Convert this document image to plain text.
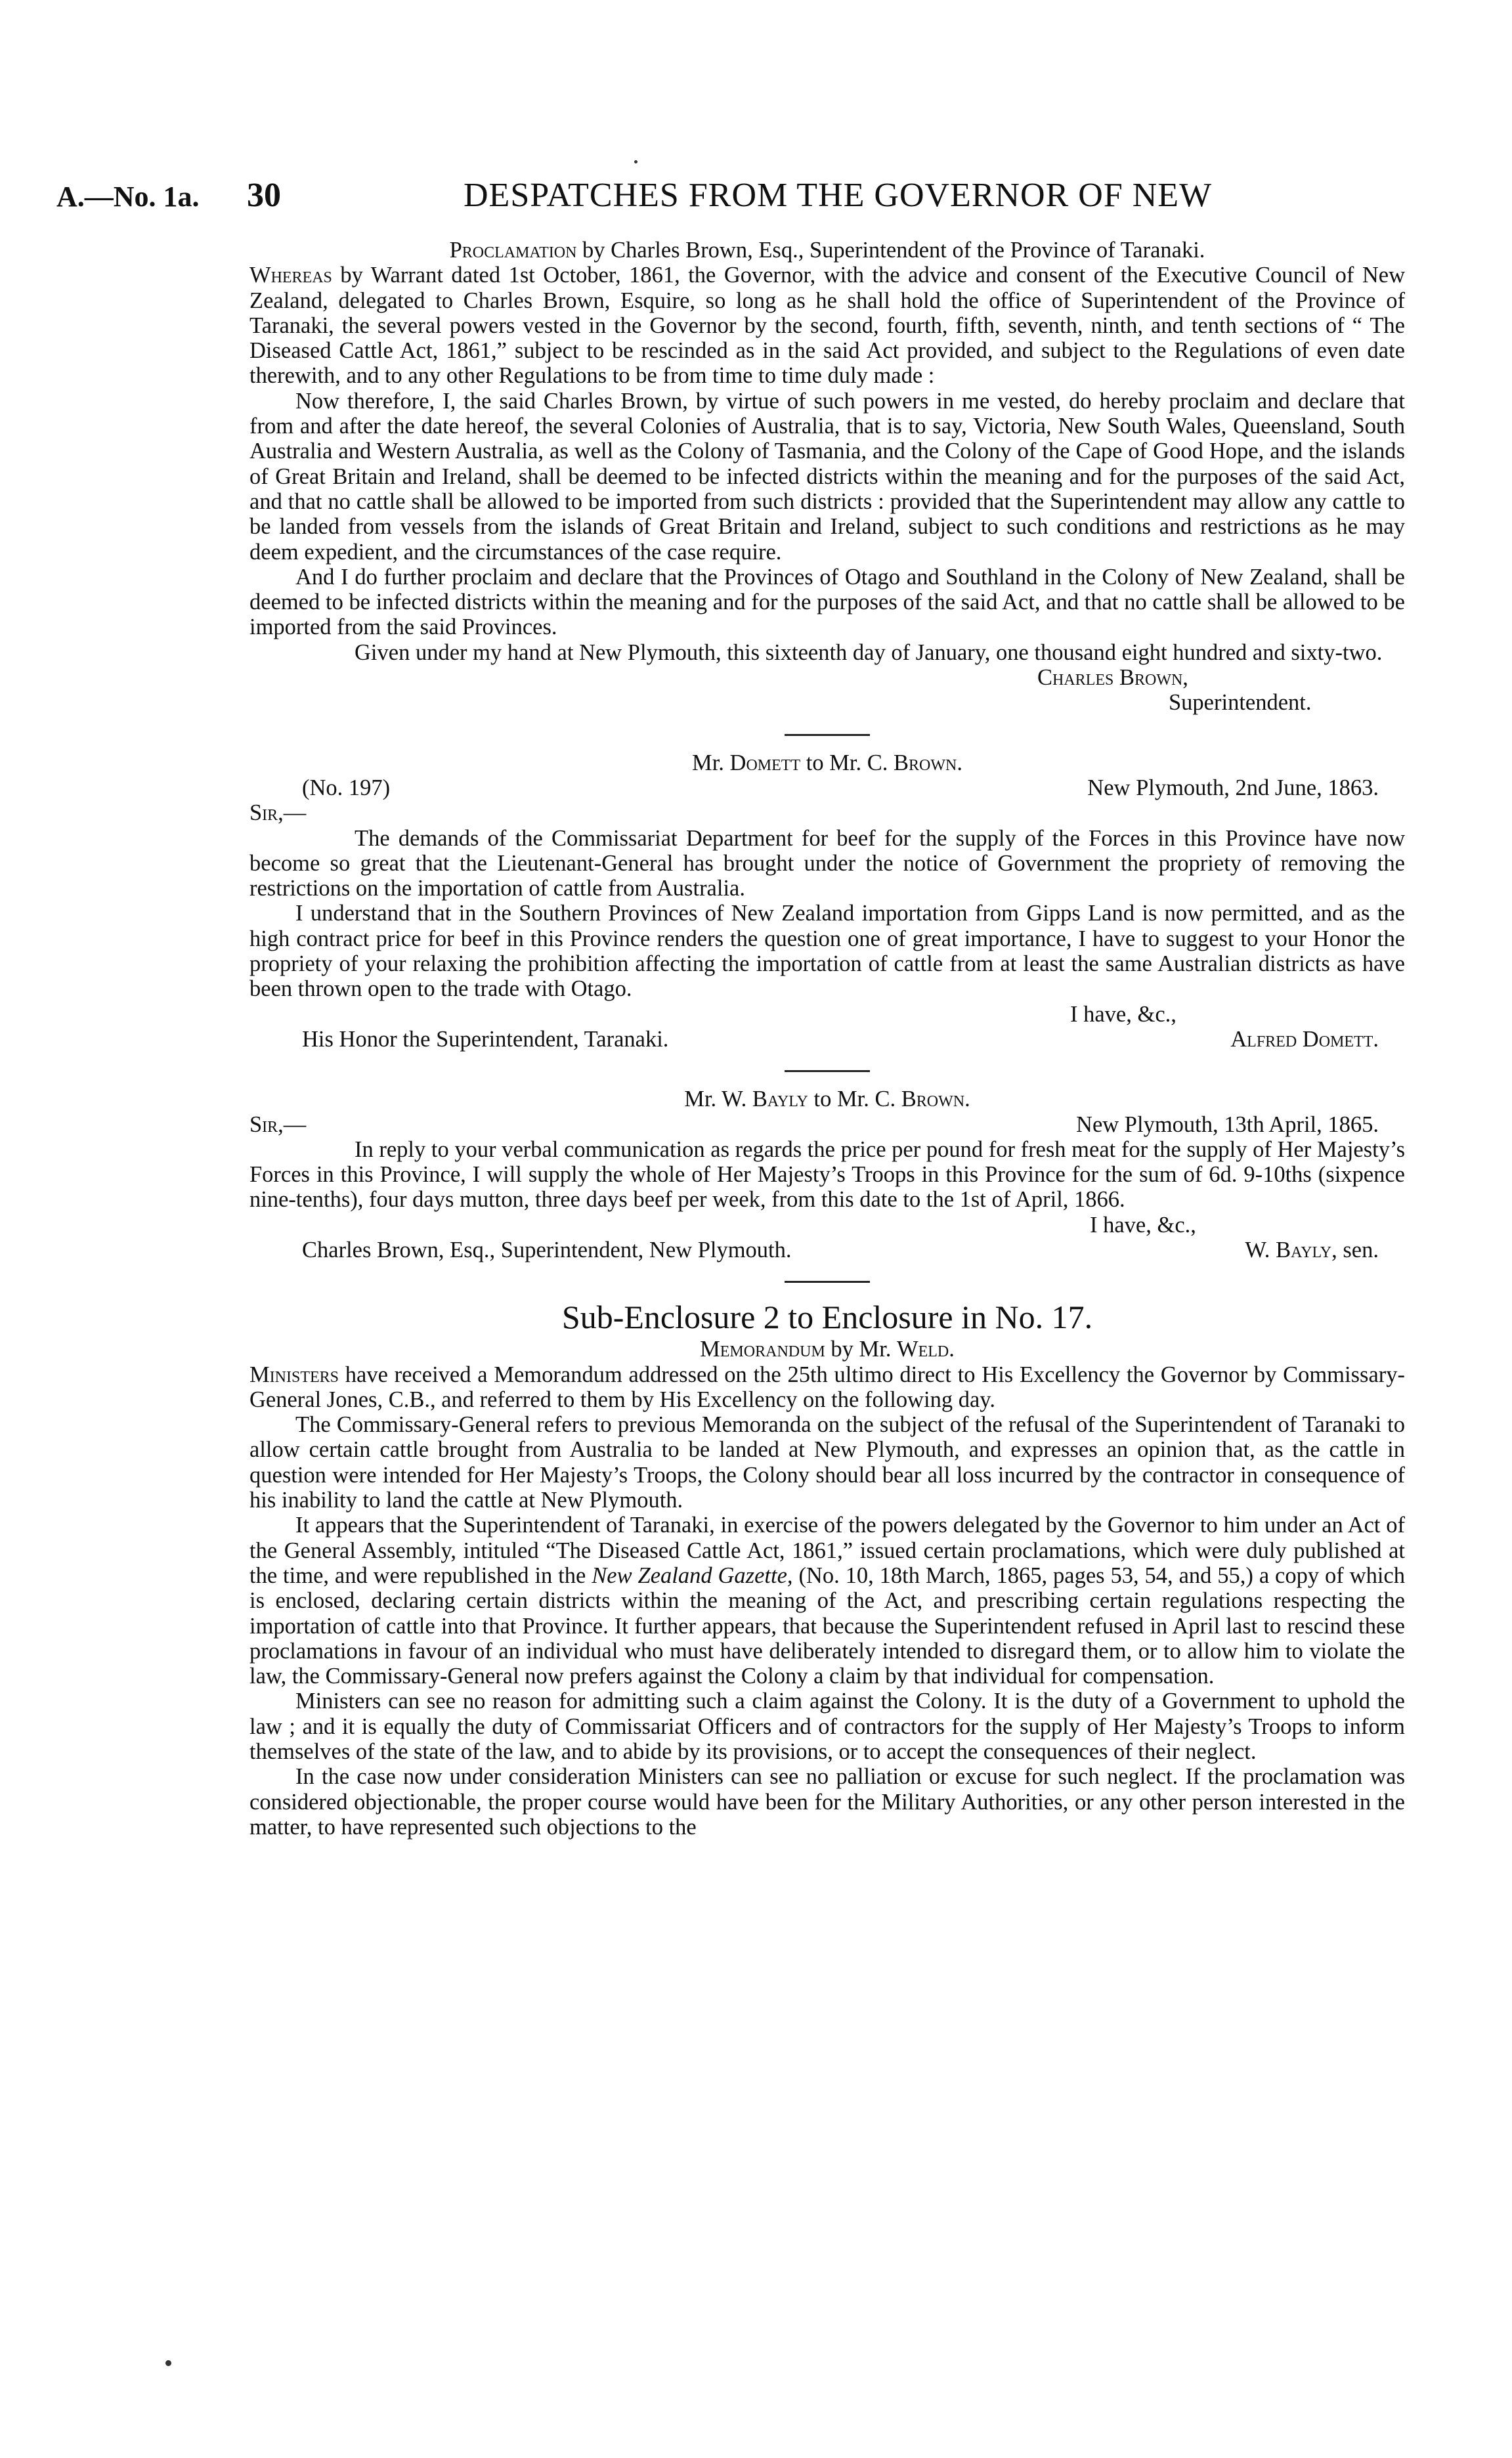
A.—No. 1a. 30	DESPATCHES FROM THE GOVERNOR OF NEW

Proclamation by Charles Brown, Esq., Superintendent of the Province of Taranaki.

Whereas by Warrant dated 1st October, 1861, the Governor, with the advice and consent of the Executive Council of New Zealand, delegated to Charles Brown, Esquire, so long as he shall hold the office of Superintendent of the Province of Taranaki, the several powers vested in the Governor by the second, fourth, fifth, seventh, ninth, and tenth sections of “ The Diseased Cattle Act, 1861,” subject to be rescinded as in the said Act provided, and subject to the Regulations of even date therewith, and to any other Regulations to be from time to time duly made :

Now therefore, I, the said Charles Brown, by virtue of such powers in me vested, do hereby proclaim and declare that from and after the date hereof, the several Colonies of Australia, that is to say, Victoria, New South Wales, Queensland, South Australia and Western Australia, as well as the Colony of Tasmania, and the Colony of the Cape of Good Hope, and the islands of Great Britain and Ireland, shall be deemed to be infected districts within the meaning and for the purposes of the said Act, and that no cattle shall be allowed to be imported from such districts : provided that the Superintendent may allow any cattle to be landed from vessels from the islands of Great Britain and Ireland, subject to such conditions and restrictions as he may deem expedient, and the circumstances of the case require.

And I do further proclaim and declare that the Provinces of Otago and Southland in the Colony of New Zealand, shall be deemed to be infected districts within the meaning and for the purposes of the said Act, and that no cattle shall be allowed to be imported from the said Provinces.

Given under my hand at New Plymouth, this sixteenth day of January, one thousand eight hundred and sixty-two.

Charles Brown,

Superintendent.

Mr. Domett to Mr. C. Brown.

(No. 197)	New Plymouth, 2nd June, 1863.

Sir,—

The demands of the Commissariat Department for beef for the supply of the Forces in this Province have now become so great that the Lieutenant-General has brought under the notice of Government the propriety of removing the restrictions on the importation of cattle from Australia.

I understand that in the Southern Provinces of New Zealand importation from Gipps Land is now permitted, and as the high contract price for beef in this Province renders the question one of great importance, I have to suggest to your Honor the propriety of your relaxing the prohibition affecting the importation of cattle from at least the same Australian districts as have been thrown open to the trade with Otago.

I have, &c.,

His Honor the Superintendent, Taranaki.	Alfred Domett.

Mr. W. Bayly to Mr. C. Brown.

Sir,—	New Plymouth, 13th April, 1865.

In reply to your verbal communication as regards the price per pound for fresh meat for the supply of Her Majesty’s Forces in this Province, I will supply the whole of Her Majesty’s Troops in this Province for the sum of 6d. 9-10ths (sixpence nine-tenths), four days mutton, three days beef per week, from this date to the 1st of April, 1866.

I have, &c.,

Charles Brown, Esq., Superintendent, New Plymouth.	W. Bayly, sen.

Sub-Enclosure 2 to Enclosure in No. 17.

Memorandum by Mr. Weld.

Ministers have received a Memorandum addressed on the 25th ultimo direct to His Excellency the Governor by Commissary-General Jones, C.B., and referred to them by His Excellency on the following day.

The Commissary-General refers to previous Memoranda on the subject of the refusal of the Superintendent of Taranaki to allow certain cattle brought from Australia to be landed at New Plymouth, and expresses an opinion that, as the cattle in question were intended for Her Majesty’s Troops, the Colony should bear all loss incurred by the contractor in consequence of his inability to land the cattle at New Plymouth.

It appears that the Superintendent of Taranaki, in exercise of the powers delegated by the Governor to him under an Act of the General Assembly, intituled “The Diseased Cattle Act, 1861,” issued certain proclamations, which were duly published at the time, and were republished in the New Zealand Gazette, (No. 10, 18th March, 1865, pages 53, 54, and 55,) a copy of which is enclosed, declaring certain districts within the meaning of the Act, and prescribing certain regulations respecting the importation of cattle into that Province. It further appears, that because the Superintendent refused in April last to rescind these proclamations in favour of an individual who must have deliberately intended to disregard them, or to allow him to violate the law, the Commissary-General now prefers against the Colony a claim by that individual for compensation.

Ministers can see no reason for admitting such a claim against the Colony. It is the duty of a Government to uphold the law ; and it is equally the duty of Commissariat Officers and of contractors for the supply of Her Majesty’s Troops to inform themselves of the state of the law, and to abide by its provisions, or to accept the consequences of their neglect.

In the case now under consideration Ministers can see no palliation or excuse for such neglect. If the proclamation was considered objectionable, the proper course would have been for the Military Authorities, or any other person interested in the matter, to have represented such objections to the
